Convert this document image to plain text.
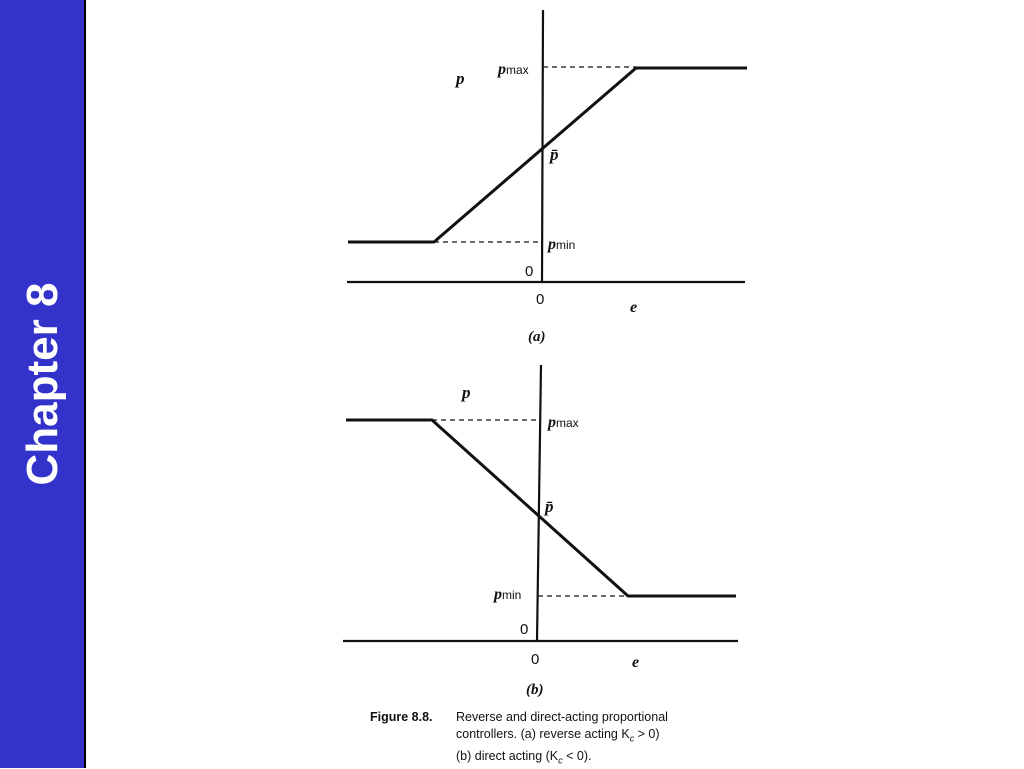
Chapter 8
p pmax
p̄
pmin
0
0	e
(a)
p
pmax
p̄
pmin
0
0	e
(b)
Figure 8.8. Reverse and direct-acting proportional
controllers. (a) reverse acting $K_c > 0$)
(b) direct acting $(K_c < 0)$.
